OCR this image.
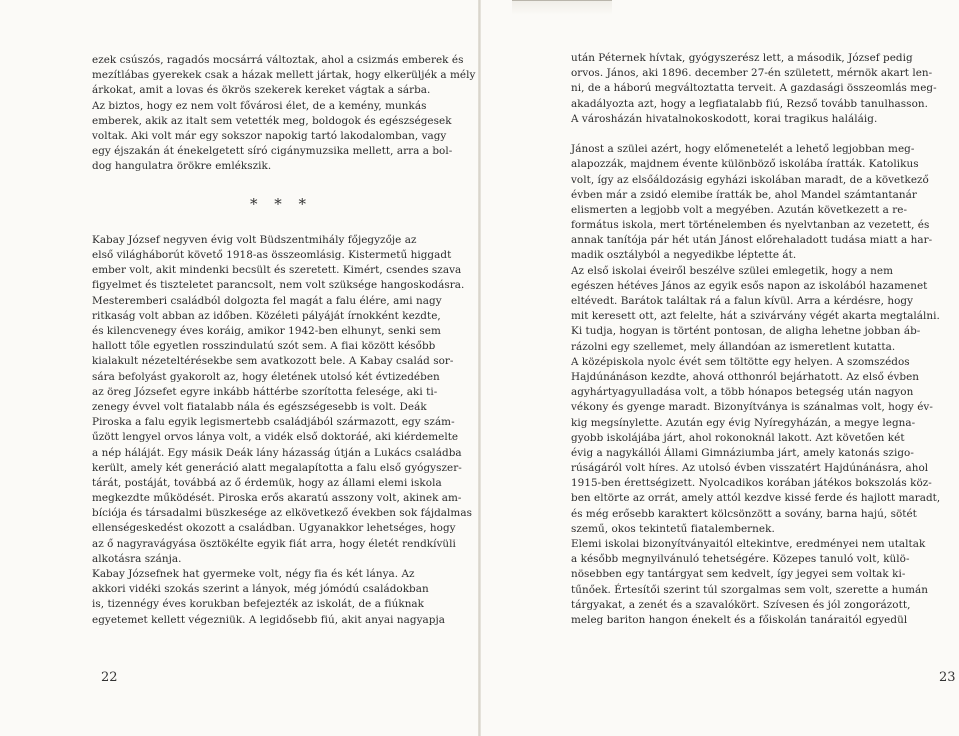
ezek csúszós, ragadós mocsárrá változtak, ahol a csizmás emberek és
mezítlábas gyerekek csak a házak mellett jártak, hogy elkerüljék a mély
árkokat, amit a lovas és ökrös szekerek kereket vágtak a sárba.
Az biztos, hogy ez nem volt fővárosi élet, de a kemény, munkás
emberek, akik az italt sem vetették meg, boldogok és egészségesek
voltak. Aki volt már egy sokszor napokig tartó lakodalomban, vagy
egy éjszakán át énekelgetett síró cigánymuzsika mellett, arra a bol-
dog hangulatra örökre emlékszik.
* * *
Kabay József negyven évig volt Büdszentmihály főjegyzője az
első világháborút követő 1918-as összeomlásig. Kistermetű higgadt
ember volt, akit mindenki becsült és szeretett. Kimért, csendes szava
figyelmet és tiszteletet parancsolt, nem volt szüksége hangoskodásra.
Mesteremberi családból dolgozta fel magát a falu élére, ami nagy
ritkaság volt abban az időben. Közéleti pályáját írnokként kezdte,
és kilencvenegy éves koráig, amikor 1942-ben elhunyt, senki sem
hallott tőle egyetlen rosszindulatú szót sem. A fiai között később
kialakult nézeteltérésekbe sem avatkozott bele. A Kabay család sor-
sára befolyást gyakorolt az, hogy életének utolsó két évtizedében
az öreg Józsefet egyre inkább háttérbe szorította felesége, aki ti-
zenegy évvel volt fiatalabb nála és egészségesebb is volt. Deák
Piroska a falu egyik legismertebb családjából származott, egy szám-
űzött lengyel orvos lánya volt, a vidék első doktoráé, aki kiérdemelte
a nép háláját. Egy másik Deák lány házasság útján a Lukács családba
került, amely két generáció alatt megalapította a falu első gyógyszer-
tárát, postáját, továbbá az ő érdemük, hogy az állami elemi iskola
megkezdte működését. Piroska erős akaratú asszony volt, akinek am-
bíciója és társadalmi büszkesége az elkövetkező években sok fájdalmas
ellenségeskedést okozott a családban. Ugyanakkor lehetséges, hogy
az ő nagyravágyása ösztökélte egyik fiát arra, hogy életét rendkívüli
alkotásra szánja.
Kabay Józsefnek hat gyermeke volt, négy fia és két lánya. Az
akkori vidéki szokás szerint a lányok, még jómódú családokban
is, tizennégy éves korukban befejezték az iskolát, de a fiúknak
egyetemet kellett végezniük. A legidősebb fiú, akit anyai nagyapja
után Péternek hívtak, gyógyszerész lett, a második, József pedig
orvos. János, aki 1896. december 27-én született, mérnök akart len-
ni, de a háború megváltoztatta terveit. A gazdasági összeomlás meg-
akadályozta azt, hogy a legfiatalabb fiú, Rezső tovább tanulhasson.
A városházán hivatalnokoskodott, korai tragikus haláláig.
Jánost a szülei azért, hogy előmenetelét a lehető legjobban meg-
alapozzák, majdnem évente különböző iskolába íratták. Katolikus
volt, így az elsőáldozásig egyházi iskolában maradt, de a következő
évben már a zsidó elemibe íratták be, ahol Mandel számtantanár
elismerten a legjobb volt a megyében. Azután következett a re-
formátus iskola, mert történelemben és nyelvtanban az vezetett, és
annak tanítója pár hét után Jánost előrehaladott tudása miatt a har-
madik osztályból a negyedikbe léptette át.
Az első iskolai éveiről beszélve szülei emlegetik, hogy a nem
egészen hétéves János az egyik esős napon az iskolából hazamenet
eltévedt. Barátok találtak rá a falun kívül. Arra a kérdésre, hogy
mit keresett ott, azt felelte, hát a szivárvány végét akarta megtalálni.
Ki tudja, hogyan is történt pontosan, de aligha lehetne jobban áb-
rázolni egy szellemet, mely állandóan az ismeretlent kutatta.
A középiskola nyolc évét sem töltötte egy helyen. A szomszédos
Hajdúnánáson kezdte, ahová otthonról bejárhatott. Az első évben
agyhártyagyulladása volt, a több hónapos betegség után nagyon
vékony és gyenge maradt. Bizonyítványa is szánalmas volt, hogy év-
kig megsínylette. Azután egy évig Nyíregyházán, a megye legna-
gyobb iskolájába járt, ahol rokonoknál lakott. Azt követően két
évig a nagykállói Állami Gimnáziumba járt, amely katonás szigo-
rúságáról volt híres. Az utolsó évben visszatért Hajdúnánásra, ahol
1915-ben érettségizett. Nyolcadikos korában játékos bokszolás köz-
ben eltörte az orrát, amely attól kezdve kissé ferde és hajlott maradt,
és még erősebb karaktert kölcsönzött a sovány, barna hajú, sötét
szemű, okos tekintetű fiatalembernek.
Elemi iskolai bizonyítványaitól eltekintve, eredményei nem utaltak
a később megnyilvánuló tehetségére. Közepes tanuló volt, külö-
nösebben egy tantárgyat sem kedvelt, így jegyei sem voltak ki-
tűnőek. Értesítői szerint túl szorgalmas sem volt, szerette a humán
tárgyakat, a zenét és a szavalókört. Szívesen és jól zongorázott,
meleg bariton hangon énekelt és a főiskolán tanáraitól egyedül
22	23
